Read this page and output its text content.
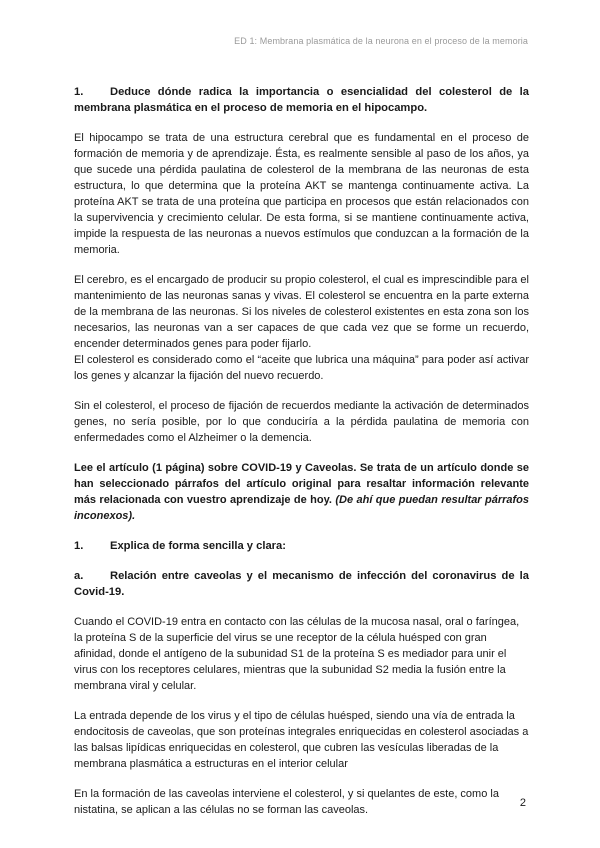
ED 1: Membrana plasmática de la neurona en el proceso de la memoria

1. Deduce dónde radica la importancia o esencialidad del colesterol de la membrana plasmática en el proceso de memoria en el hipocampo.

El hipocampo se trata de una estructura cerebral que es fundamental en el proceso de formación de memoria y de aprendizaje. Ésta, es realmente sensible al paso de los años, ya que sucede una pérdida paulatina de colesterol de la membrana de las neuronas de esta estructura, lo que determina que la proteína AKT se mantenga continuamente activa. La proteína AKT se trata de una proteína que participa en procesos que están relacionados con la supervivencia y crecimiento celular. De esta forma, si se mantiene continuamente activa, impide la respuesta de las neuronas a nuevos estímulos que conduzcan a la formación de la memoria.

El cerebro, es el encargado de producir su propio colesterol, el cual es imprescindible para el mantenimiento de las neuronas sanas y vivas. El colesterol se encuentra en la parte externa de la membrana de las neuronas. Si los niveles de colesterol existentes en esta zona son los necesarios, las neuronas van a ser capaces de que cada vez que se forme un recuerdo, encender determinados genes para poder fijarlo.

El colesterol es considerado como el “aceite que lubrica una máquina” para poder así activar los genes y alcanzar la fijación del nuevo recuerdo.

Sin el colesterol, el proceso de fijación de recuerdos mediante la activación de determinados genes, no sería posible, por lo que conduciría a la pérdida paulatina de memoria con enfermedades como el Alzheimer o la demencia.

Lee el artículo (1 página) sobre COVID-19 y Caveolas. Se trata de un artículo donde se han seleccionado párrafos del artículo original para resaltar información relevante más relacionada con vuestro aprendizaje de hoy. (De ahí que puedan resultar párrafos inconexos).

1. Explica de forma sencilla y clara:

a. Relación entre caveolas y el mecanismo de infección del coronavirus de la Covid-19.

Cuando el COVID-19 entra en contacto con las células de la mucosa nasal, oral o faríngea, la proteína S de la superficie del virus se une receptor de la célula huésped con gran afinidad, donde el antígeno de la subunidad S1 de la proteína S es mediador para unir el virus con los receptores celulares, mientras que la subunidad S2 media la fusión entre la membrana viral y celular.

La entrada depende de los virus y el tipo de células huésped, siendo una vía de entrada la endocitosis de caveolas, que son proteínas integrales enriquecidas en colesterol asociadas a las balsas lipídicas enriquecidas en colesterol, que cubren las vesículas liberadas de la membrana plasmática a estructuras en el interior celular

En la formación de las caveolas interviene el colesterol, y si quelantes de este, como la nistatina, se aplican a las células no se forman las caveolas.

2
